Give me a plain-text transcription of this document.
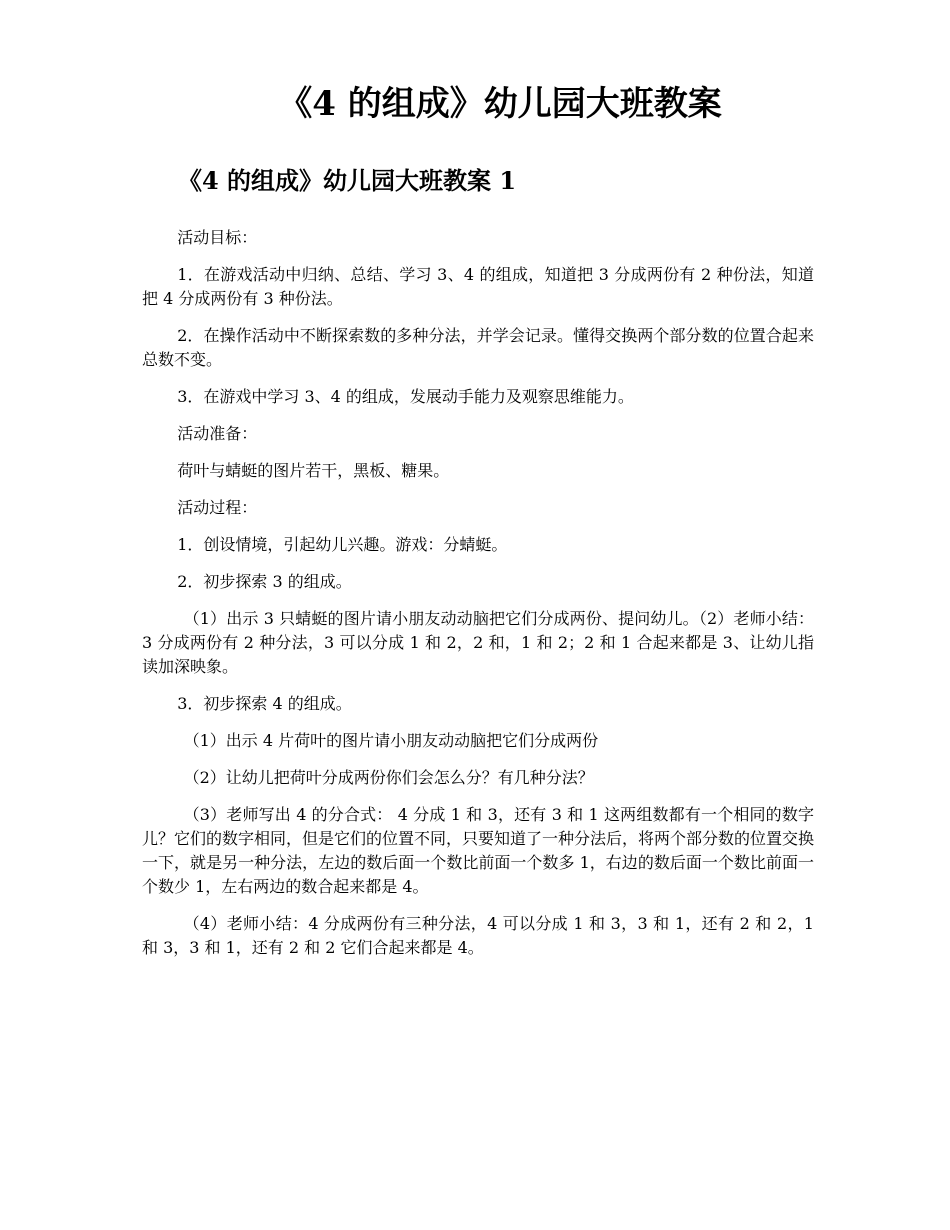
《4 的组成》幼儿园大班教案
《4 的组成》幼儿园大班教案 1

活动目标：

1．在游戏活动中归纳、总结、学习 3、4 的组成，知道把 3 分成两份有 2 种份法，知道把 4 分成两份有 3 种份法。

2．在操作活动中不断探索数的多种分法，并学会记录。懂得交换两个部分数的位置合起来总数不变。

3．在游戏中学习 3、4 的组成，发展动手能力及观察思维能力。

活动准备：

荷叶与蜻蜓的图片若干，黑板、糖果。

活动过程：

1．创设情境，引起幼儿兴趣。游戏：分蜻蜓。

2．初步探索 3 的组成。

（1）出示 3 只蜻蜓的图片请小朋友动动脑把它们分成两份、提问幼儿。（2）老师小结：3 分成两份有 2 种分法，3 可以分成 1 和 2，2 和，1 和 2；2 和 1 合起来都是 3、让幼儿指读加深映象。

3．初步探索 4 的组成。

（1）出示 4 片荷叶的图片请小朋友动动脑把它们分成两份

（2）让幼儿把荷叶分成两份你们会怎么分？有几种分法？

（3）老师写出 4 的分合式： 4 分成 1 和 3，还有 3 和 1 这两组数都有一个相同的数字儿？它们的数字相同，但是它们的位置不同，只要知道了一种分法后，将两个部分数的位置交换一下，就是另一种分法，左边的数后面一个数比前面一个数多 1，右边的数后面一个数比前面一个数少 1，左右两边的数合起来都是 4。

（4）老师小结：4 分成两份有三种分法，4 可以分成 1 和 3，3 和 1，还有 2 和 2，1 和 3，3 和 1，还有 2 和 2 它们合起来都是 4。
